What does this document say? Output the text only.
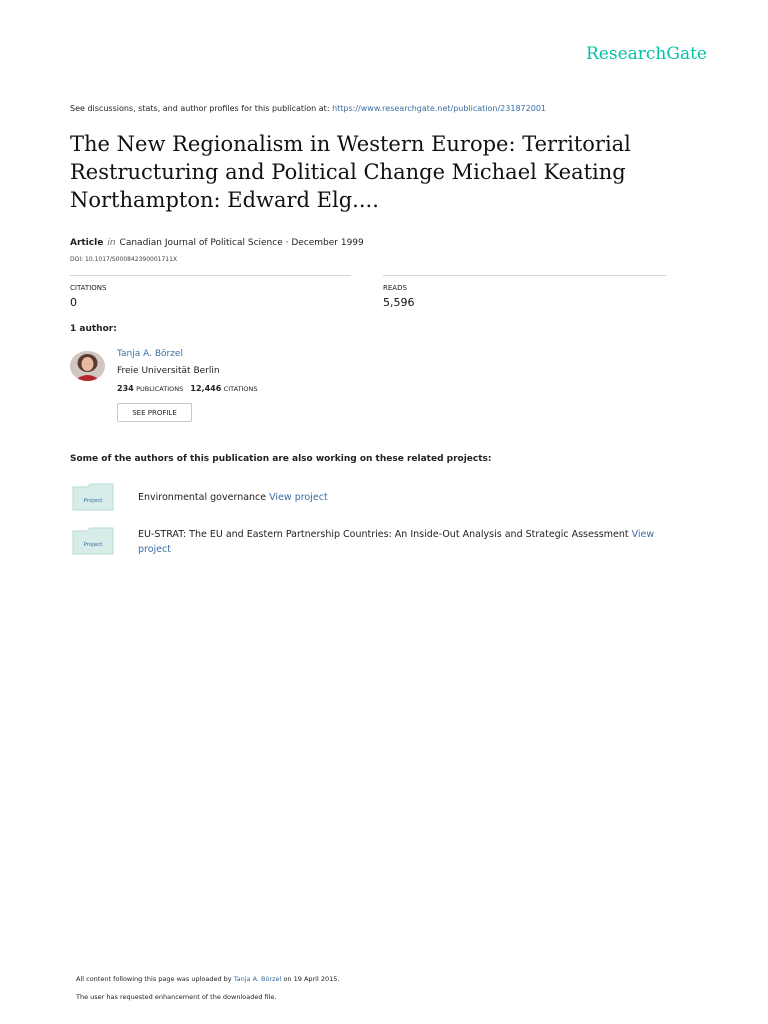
ResearchGate
See discussions, stats, and author profiles for this publication at: https://www.researchgate.net/publication/231872001
The New Regionalism in Western Europe: Territorial Restructuring and Political Change Michael Keating Northampton: Edward Elg....
Article in Canadian Journal of Political Science · December 1999
DOI: 10.1017/S000842390001711X
CITATIONS
0
READS
5,596
1 author:
Tanja A. Börzel
Freie Universität Berlin
234 PUBLICATIONS 12,446 CITATIONS
SEE PROFILE
Some of the authors of this publication are also working on these related projects:
Project	Environmental governance View project
Project
EU-STRAT: The EU and Eastern Partnership Countries: An Inside-Out Analysis and Strategic Assessment View project
All content following this page was uploaded by Tanja A. Börzel on 19 April 2015.
The user has requested enhancement of the downloaded file.
